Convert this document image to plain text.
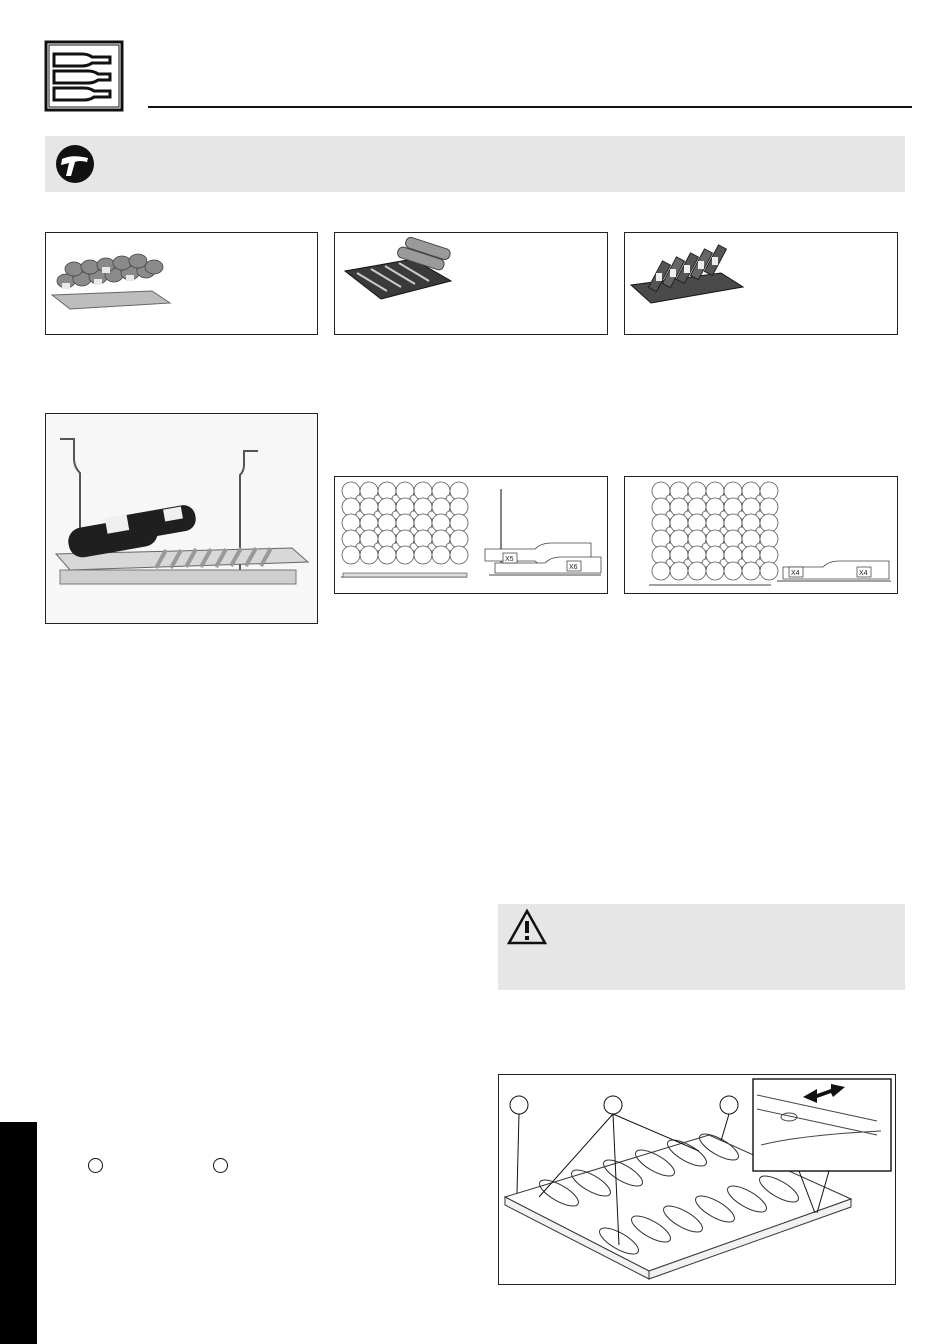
X5
X6
X4	X4
